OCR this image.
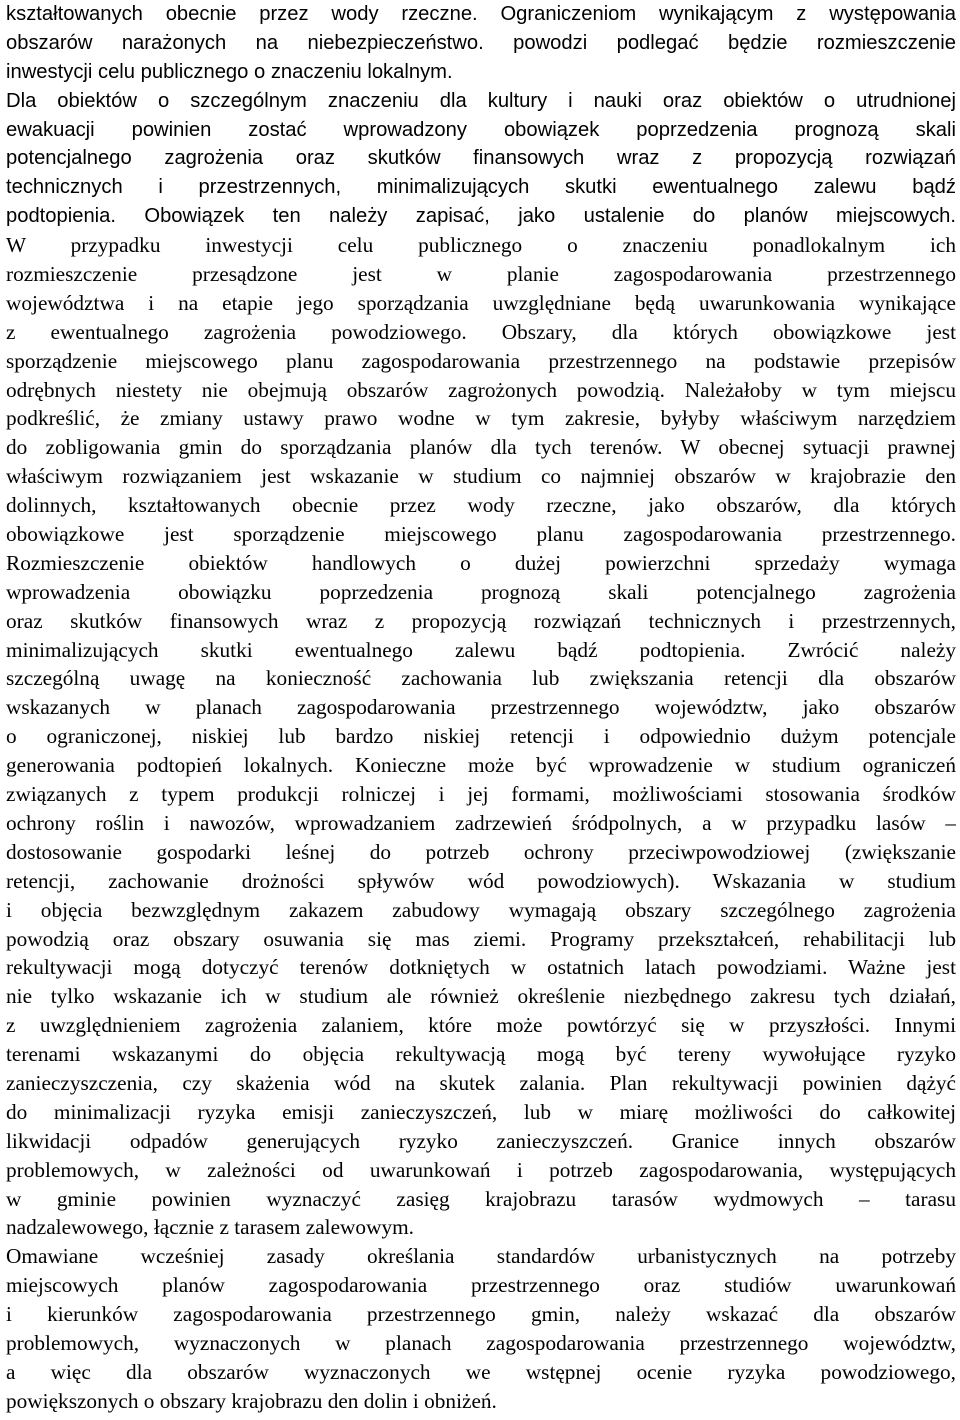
kształtowanych obecnie przez wody rzeczne. Ograniczeniom wynikającym z występowania
obszarów narażonych na niebezpieczeństwo. powodzi podlegać będzie rozmieszczenie
inwestycji celu publicznego o znaczeniu lokalnym.
Dla obiektów o szczególnym znaczeniu dla kultury i nauki oraz obiektów o utrudnionej
ewakuacji powinien zostać wprowadzony obowiązek poprzedzenia prognozą skali
potencjalnego zagrożenia oraz skutków finansowych wraz z propozycją rozwiązań
technicznych i przestrzennych, minimalizujących skutki ewentualnego zalewu bądź
podtopienia. Obowiązek ten należy zapisać, jako ustalenie do planów miejscowych.
W przypadku inwestycji celu publicznego o znaczeniu ponadlokalnym ich
rozmieszczenie przesądzone jest w planie zagospodarowania przestrzennego
województwa i na etapie jego sporządzania uwzględniane będą uwarunkowania wynikające
z ewentualnego zagrożenia powodziowego. Obszary, dla których obowiązkowe jest
sporządzenie miejscowego planu zagospodarowania przestrzennego na podstawie przepisów
odrębnych niestety nie obejmują obszarów zagrożonych powodzią. Należałoby w tym miejscu
podkreślić, że zmiany ustawy prawo wodne w tym zakresie, byłyby właściwym narzędziem
do zobligowania gmin do sporządzania planów dla tych terenów. W obecnej sytuacji prawnej
właściwym rozwiązaniem jest wskazanie w studium co najmniej obszarów w krajobrazie den
dolinnych, kształtowanych obecnie przez wody rzeczne, jako obszarów, dla których
obowiązkowe jest sporządzenie miejscowego planu zagospodarowania przestrzennego.
Rozmieszczenie obiektów handlowych o dużej powierzchni sprzedaży wymaga
wprowadzenia obowiązku poprzedzenia prognozą skali potencjalnego zagrożenia
oraz skutków finansowych wraz z propozycją rozwiązań technicznych i przestrzennych,
minimalizujących skutki ewentualnego zalewu bądź podtopienia. Zwrócić należy
szczególną uwagę na konieczność zachowania lub zwiększania retencji dla obszarów
wskazanych w planach zagospodarowania przestrzennego województw, jako obszarów
o ograniczonej, niskiej lub bardzo niskiej retencji i odpowiednio dużym potencjale
generowania podtopień lokalnych. Konieczne może być wprowadzenie w studium ograniczeń
związanych z typem produkcji rolniczej i jej formami, możliwościami stosowania środków
ochrony roślin i nawozów, wprowadzaniem zadrzewień śródpolnych, a w przypadku lasów –
dostosowanie gospodarki leśnej do potrzeb ochrony przeciwpowodziowej (zwiększanie
retencji, zachowanie drożności spływów wód powodziowych). Wskazania w studium
i objęcia bezwzględnym zakazem zabudowy wymagają obszary szczególnego zagrożenia
powodzią oraz obszary osuwania się mas ziemi. Programy przekształceń, rehabilitacji lub
rekultywacji mogą dotyczyć terenów dotkniętych w ostatnich latach powodziami. Ważne jest
nie tylko wskazanie ich w studium ale również określenie niezbędnego zakresu tych działań,
z uwzględnieniem zagrożenia zalaniem, które może powtórzyć się w przyszłości. Innymi
terenami wskazanymi do objęcia rekultywacją mogą być tereny wywołujące ryzyko
zanieczyszczenia, czy skażenia wód na skutek zalania. Plan rekultywacji powinien dążyć
do minimalizacji ryzyka emisji zanieczyszczeń, lub w miarę możliwości do całkowitej
likwidacji odpadów generujących ryzyko zanieczyszczeń. Granice innych obszarów
problemowych, w zależności od uwarunkowań i potrzeb zagospodarowania, występujących
w gminie powinien wyznaczyć zasięg krajobrazu tarasów wydmowych – tarasu
nadzalewowego, łącznie z tarasem zalewowym.
Omawiane wcześniej zasady określania standardów urbanistycznych na potrzeby
miejscowych planów zagospodarowania przestrzennego oraz studiów uwarunkowań
i kierunków zagospodarowania przestrzennego gmin, należy wskazać dla obszarów
problemowych, wyznaczonych w planach zagospodarowania przestrzennego województw,
a więc dla obszarów wyznaczonych we wstępnej ocenie ryzyka powodziowego,
powiększonych o obszary krajobrazu den dolin i obniżeń.
